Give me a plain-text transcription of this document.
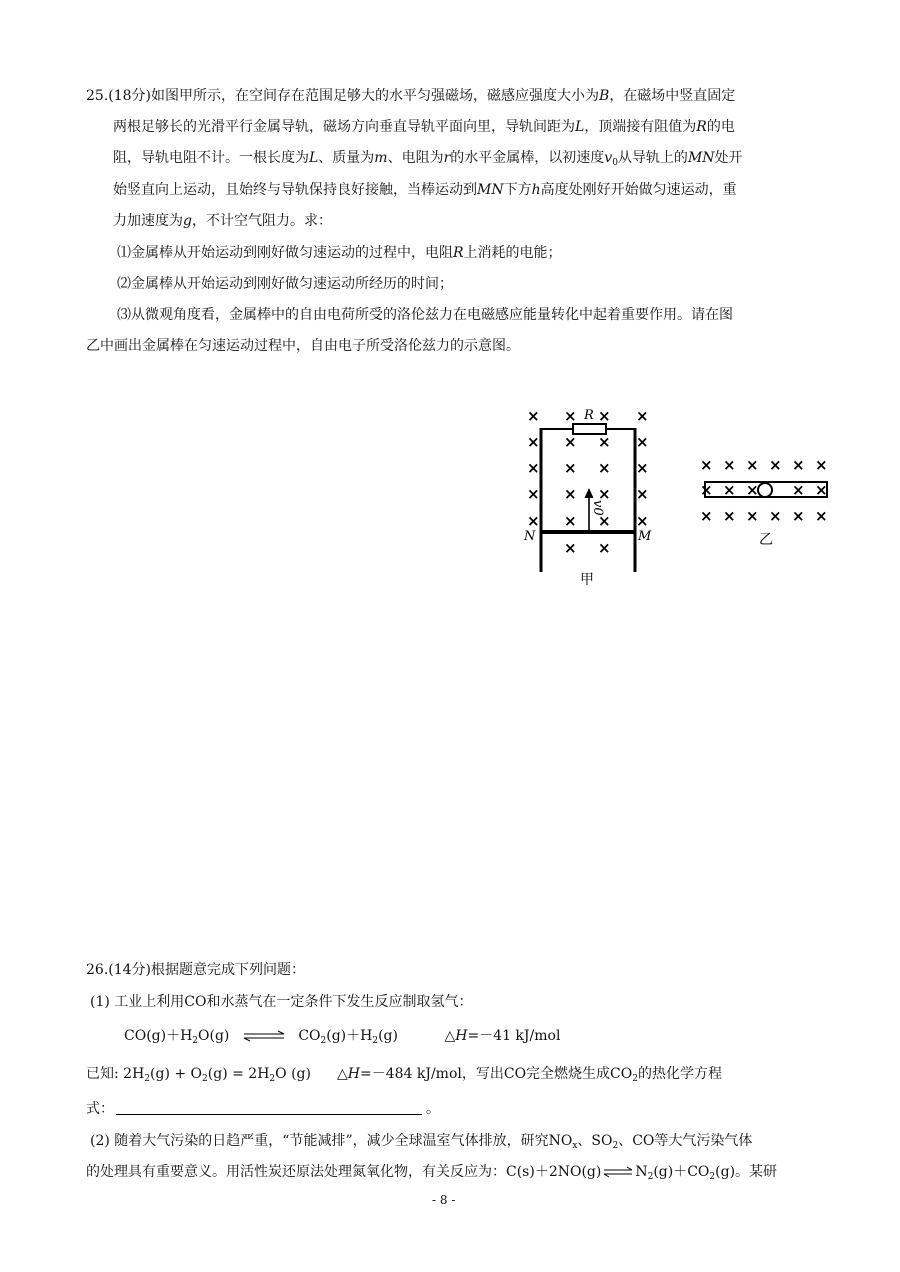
25.(18分)如图甲所示，在空间存在范围足够大的水平匀强磁场，磁感应强度大小为B，在磁场中竖直固定
两根足够长的光滑平行金属导轨，磁场方向垂直导轨平面向里，导轨间距为L，顶端接有阻值为R的电
阻，导轨电阻不计。一根长度为L、质量为m、电阻为r的水平金属棒，以初速度$v_0$从导轨上的MN处开
始竖直向上运动，且始终与导轨保持良好接触，当棒运动到MN下方h高度处刚好开始做匀速运动，重
力加速度为g，不计空气阻力。求：
⑴金属棒从开始运动到刚好做匀速运动的过程中，电阻R上消耗的电能；
⑵金属棒从开始运动到刚好做匀速运动所经历的时间；
⑶从微观角度看，金属棒中的自由电荷所受的洛伦兹力在电磁感应能量转化中起着重要作用。请在图
乙中画出金属棒在匀速运动过程中，自由电子所受洛伦兹力的示意图。
R
v0
N	M
× × × ×
× × × ×
× × × ×
× × × ×
× × × ×
× ×
甲
× × × × × ×
× × × × ×
× × × × × ×
乙
26.(14分)根据题意完成下列问题：
(1) 工业上利用CO和水蒸气在一定条件下发生反应制取氢气：
$CO(g)+H_2O(g)$ ⇌ $CO_2(g)+H_2(g)$	△H=－41 kJ/mol
已知: $2H_2(g) + O_2(g) = 2H_2O$ (g) △H=－484 kJ/mol，写出CO完全燃烧生成$CO_2$的热化学方程
式：	。
(2) 随着大气污染的日趋严重，“节能减排”，减少全球温室气体排放，研究$NO_x$、$SO_2$、CO等大气污染气体
的处理具有重要意义。用活性炭还原法处理氮氧化物，有关反应为：C(s)＋2NO(g) ⇌ $N_2(g)+CO_2(g)$。某研
- 8 -
